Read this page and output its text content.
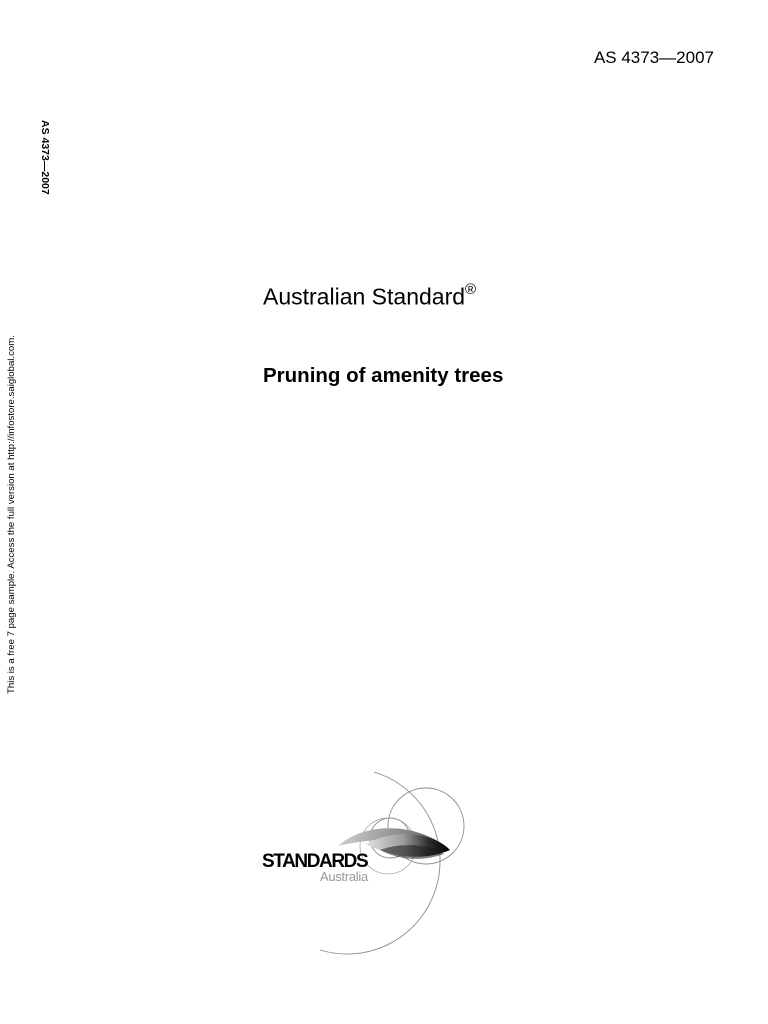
AS 4373—2007
AS 4373—2007
This is a free 7 page sample. Access the full version at http://infostore.saiglobal.com.
Australian Standard®
Pruning of amenity trees
STANDARDS
Australia
